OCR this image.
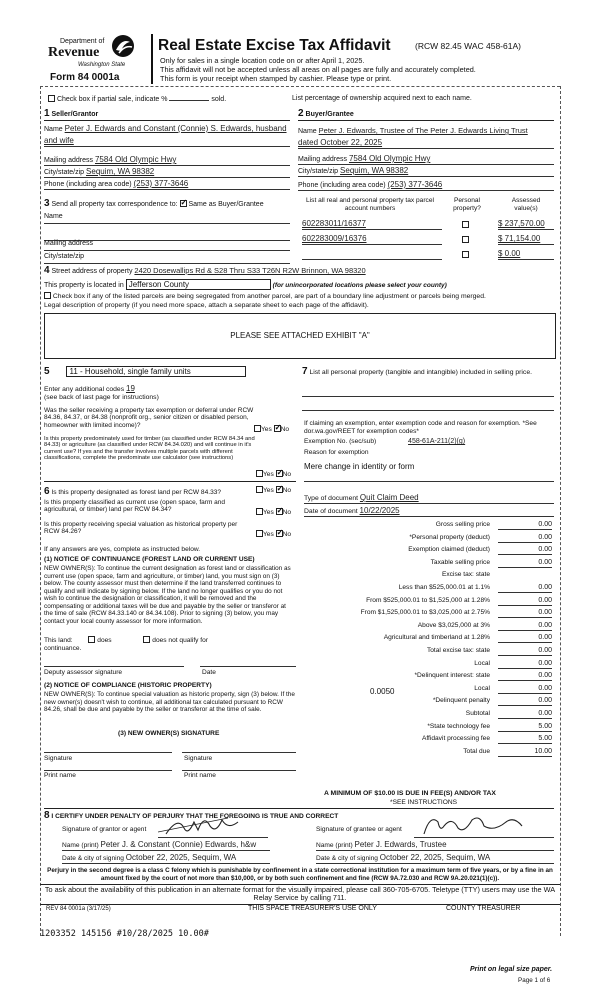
Department of
Revenue
Washington State
Form 84 0001a
Real Estate Excise Tax Affidavit	(RCW 82.45 WAC 458-61A)
Only for sales in a single location code on or after April 1, 2025.
This affidavit will not be accepted unless all areas on all pages are fully and accurately completed.
This form is your receipt when stamped by cashier. Please type or print.
Check box if partial sale, indicate %	sold.	List percentage of ownership acquired next to each name.
1 Seller/Grantor
Name Peter J. Edwards and Constant (Connie) S. Edwards, husband
and wife
Mailing address 7584 Old Olympic Hwy
City/state/zip Sequim, WA 98382
Phone (including area code) (253) 377-3646
2 Buyer/Grantee
Name Peter J. Edwards, Trustee of The Peter J. Edwards Living Trust
dated October 22, 2025
Mailing address 7584 Old Olympic Hwy
City/state/zip Sequim, WA 98382
Phone (including area code) (253) 377-3646
3 Send all property tax correspondence to: ✓ Same as Buyer/Grantee
Name
Mailing address
City/state/zip
List all real and personal property tax parcel account numbers
Personal property?
Assessed value(s)
602283011/16377	$ 237,570.00
602283009/16376	$ 71,154.00
$ 0.00
4 Street address of property 2420 Dosewallips Rd & S28 Thru S33 T26N R2W Brinnon, WA 98320
This property is located in Jefferson County	(for unincorporated locations please select your county)
Check box if any of the listed parcels are being segregated from another parcel, are part of a boundary line adjustment or parcels being merged.
Legal description of property (if you need more space, attach a separate sheet to each page of the affidavit).
PLEASE SEE ATTACHED EXHIBIT "A"
5 11 - Household, single family units
Enter any additional codes 19
(see back of last page for instructions)
Was the seller receiving a property tax exemption or deferral under RCW 84.36, 84.37, or 84.38 (nonprofit org., senior citizen or disabled person, homeowner with limited income)?
Yes ✓ No
Is this property predominately used for timber (as classified under RCW 84.34 and 84.33) or agriculture (as classified under RCW 84.34.020) and will continue in it's current use? If yes and the transfer involves multiple parcels with different classifications, complete the predominate use calculator (see instructions)
Yes ✓ No
6 Is this property designated as forest land per RCW 84.33?	Yes ✓ No
Is this property classified as current use (open space, farm and agricultural, or timber) land per RCW 84.34?	Yes ✓ No
Is this property receiving special valuation as historical property per RCW 84.26?	Yes ✓ No
If any answers are yes, complete as instructed below.
(1) NOTICE OF CONTINUANCE (FOREST LAND OR CURRENT USE)
NEW OWNER(S): To continue the current designation as forest land or classification as current use (open space, farm and agriculture, or timber) land, you must sign on (3) below. The county assessor must then determine if the land transferred continues to qualify and will indicate by signing below. If the land no longer qualifies or you do not wish to continue the designation or classification, it will be removed and the compensating or additional taxes will be due and payable by the seller or transferor at the time of sale (RCW 84.33.140 or 84.34.108). Prior to signing (3) below, you may contact your local county assessor for more information.
This land:	does	does not qualify for
continuance.
Deputy assessor signature	Date
(2) NOTICE OF COMPLIANCE (HISTORIC PROPERTY)
NEW OWNER(S): To continue special valuation as historic property, sign (3) below. If the new owner(s) doesn't wish to continue, all additional tax calculated pursuant to RCW 84.26, shall be due and payable by the seller or transferor at the time of sale.
(3) NEW OWNER(S) SIGNATURE
Signature	Signature
Print name	Print name
7 List all personal property (tangible and intangible) included in selling price.
If claiming an exemption, enter exemption code and reason for exemption. *See dor.wa.gov/REET for exemption codes*
Exemption No. (sec/sub)	458-61A-211(2)(g)
Reason for exemption
Mere change in identity or form
Type of document Quit Claim Deed
Date of document 10/22/2025
Gross selling price	0.00
*Personal property (deduct)	0.00
Exemption claimed (deduct)	0.00
Taxable selling price	0.00
Excise tax: state
Less than $525,000.01 at 1.1%	0.00
From $525,000.01 to $1,525,000 at 1.28%	0.00
From $1,525,000.01 to $3,025,000 at 2.75%	0.00
Above $3,025,000 at 3%	0.00
Agricultural and timberland at 1.28%	0.00
Total excise tax: state	0.00
Local	0.00
*Delinquent interest: state	0.00
Local	0.00
*Delinquent penalty	0.00
Subtotal	0.00
*State technology fee	5.00
Affidavit processing fee	5.00
Total due	10.00
0.0050
A MINIMUM OF $10.00 IS DUE IN FEE(S) AND/OR TAX
*SEE INSTRUCTIONS
8 I CERTIFY UNDER PENALTY OF PERJURY THAT THE FOREGOING IS TRUE AND CORRECT
Signature of grantor or agent	Signature of grantee or agent
Name (print) Peter J. & Constant (Connie) Edwards, h&w	Name (print) Peter J. Edwards, Trustee
Date & city of signing October 22, 2025, Sequim, WA	Date & city of signing October 22, 2025, Sequim, WA
Perjury in the second degree is a class C felony which is punishable by confinement in a state correctional institution for a maximum term of five years, or by a fine in an amount fixed by the court of not more than $10,000, or by both such confinement and fine (RCW 9A.72.030 and RCW 9A.20.021(1)(c)).
To ask about the availability of this publication in an alternate format for the visually impaired, please call 360-705-6705. Teletype (TTY) users may use the WA Relay Service by calling 711.
REV 84 0001a (3/17/25)	THIS SPACE TREASURER'S USE ONLY	COUNTY TREASURER
1203352 145156 #10/28/2025 10.00#
Print on legal size paper.
Page 1 of 6
